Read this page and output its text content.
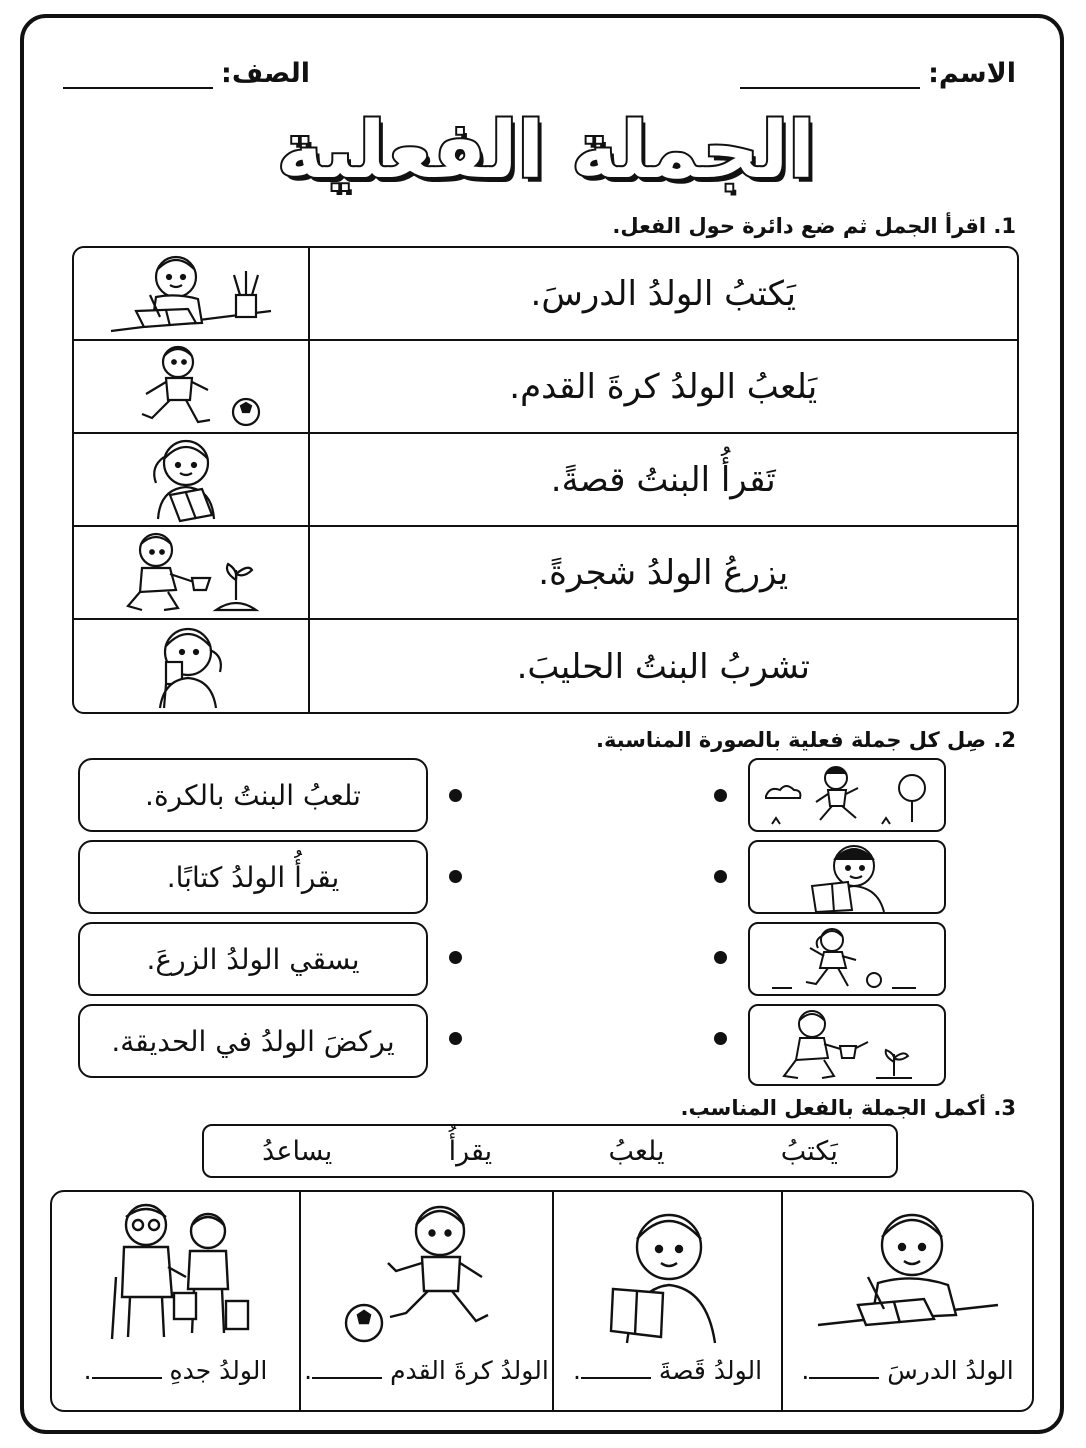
الاسم:
الصف:
الجملة الفعلية
1. اقرأ الجمل ثم ضع دائرة حول الفعل.
يَكتبُ الولدُ الدرسَ.
يَلعبُ الولدُ كرةَ القدم.
تَقرأُ البنتُ قصةً.
يزرعُ الولدُ شجرةً.
تشربُ البنتُ الحليبَ.
2. صِل كل جملة فعلية بالصورة المناسبة.
تلعبُ البنتُ بالكرة.
يقرأُ الولدُ كتابًا.
يسقي الولدُ الزرعَ.
يركضَ الولدُ في الحديقة.
3. أكمل الجملة بالفعل المناسب.
يَكتبُ
يلعبُ
يقرأُ
يساعدُ
الولدُ الدرسَ .
الولدُ قَصةَ .
الولدُ كرةَ القدم .
الولدُ جدهِ .
